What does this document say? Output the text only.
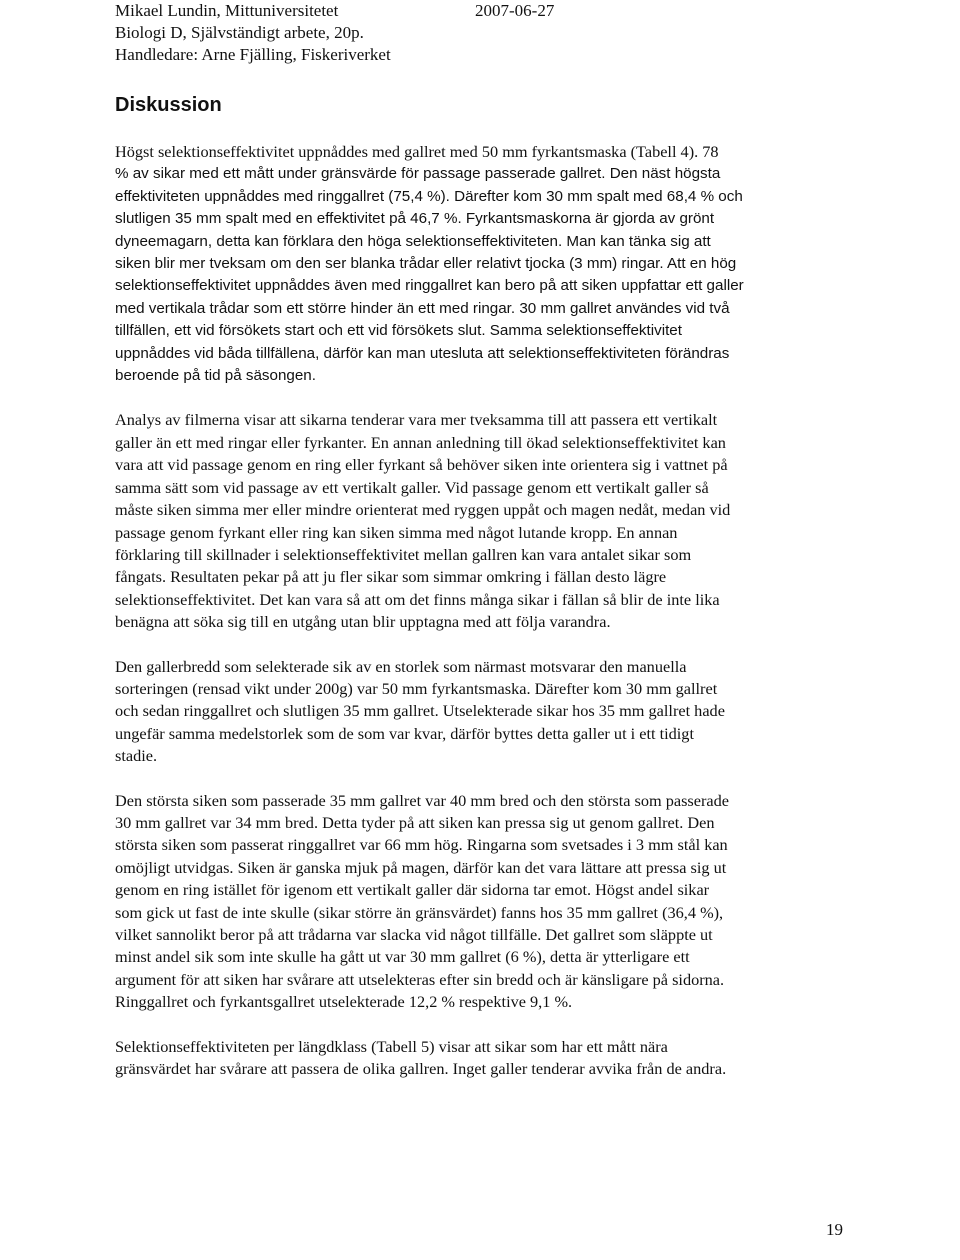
Mikael Lundin, Mittuniversitetet	2007-06-27
Biologi D, Självständigt arbete, 20p.
Handledare: Arne Fjälling, Fiskeriverket
Diskussion

Högst selektionseffektivitet uppnåddes med gallret med 50 mm fyrkantsmaska (Tabell 4). 78
% av sikar med ett mått under gränsvärde för passage passerade gallret. Den näst högsta
effektiviteten uppnåddes med ringgallret (75,4 %). Därefter kom 30 mm spalt med 68,4 % och
slutligen 35 mm spalt med en effektivitet på 46,7 %. Fyrkantsmaskorna är gjorda av grönt
dyneemagarn, detta kan förklara den höga selektionseffektiviteten. Man kan tänka sig att
siken blir mer tveksam om den ser blanka trådar eller relativt tjocka (3 mm) ringar. Att en hög
selektionseffektivitet uppnåddes även med ringgallret kan bero på att siken uppfattar ett galler
med vertikala trådar som ett större hinder än ett med ringar. 30 mm gallret användes vid två
tillfällen, ett vid försökets start och ett vid försökets slut. Samma selektionseffektivitet
uppnåddes vid båda tillfällena, därför kan man utesluta att selektionseffektiviteten förändras
beroende på tid på säsongen.

Analys av filmerna visar att sikarna tenderar vara mer tveksamma till att passera ett vertikalt
galler än ett med ringar eller fyrkanter. En annan anledning till ökad selektionseffektivitet kan
vara att vid passage genom en ring eller fyrkant så behöver siken inte orientera sig i vattnet på
samma sätt som vid passage av ett vertikalt galler. Vid passage genom ett vertikalt galler så
måste siken simma mer eller mindre orienterat med ryggen uppåt och magen nedåt, medan vid
passage genom fyrkant eller ring kan siken simma med något lutande kropp. En annan
förklaring till skillnader i selektionseffektivitet mellan gallren kan vara antalet sikar som
fångats. Resultaten pekar på att ju fler sikar som simmar omkring i fällan desto lägre
selektionseffektivitet. Det kan vara så att om det finns många sikar i fällan så blir de inte lika
benägna att söka sig till en utgång utan blir upptagna med att följa varandra.

Den gallerbredd som selekterade sik av en storlek som närmast motsvarar den manuella
sorteringen (rensad vikt under 200g) var 50 mm fyrkantsmaska. Därefter kom 30 mm gallret
och sedan ringgallret och slutligen 35 mm gallret. Utselekterade sikar hos 35 mm gallret hade
ungefär samma medelstorlek som de som var kvar, därför byttes detta galler ut i ett tidigt
stadie.

Den största siken som passerade 35 mm gallret var 40 mm bred och den största som passerade
30 mm gallret var 34 mm bred. Detta tyder på att siken kan pressa sig ut genom gallret. Den
största siken som passerat ringgallret var 66 mm hög. Ringarna som svetsades i 3 mm stål kan
omöjligt utvidgas. Siken är ganska mjuk på magen, därför kan det vara lättare att pressa sig ut
genom en ring istället för igenom ett vertikalt galler där sidorna tar emot. Högst andel sikar
som gick ut fast de inte skulle (sikar större än gränsvärdet) fanns hos 35 mm gallret (36,4 %),
vilket sannolikt beror på att trådarna var slacka vid något tillfälle. Det gallret som släppte ut
minst andel sik som inte skulle ha gått ut var 30 mm gallret (6 %), detta är ytterligare ett
argument för att siken har svårare att utselekteras efter sin bredd och är känsligare på sidorna.
Ringgallret och fyrkantsgallret utselekterade 12,2 % respektive 9,1 %.

Selektionseffektiviteten per längdklass (Tabell 5) visar att sikar som har ett mått nära
gränsvärdet har svårare att passera de olika gallren. Inget galler tenderar avvika från de andra.

19
